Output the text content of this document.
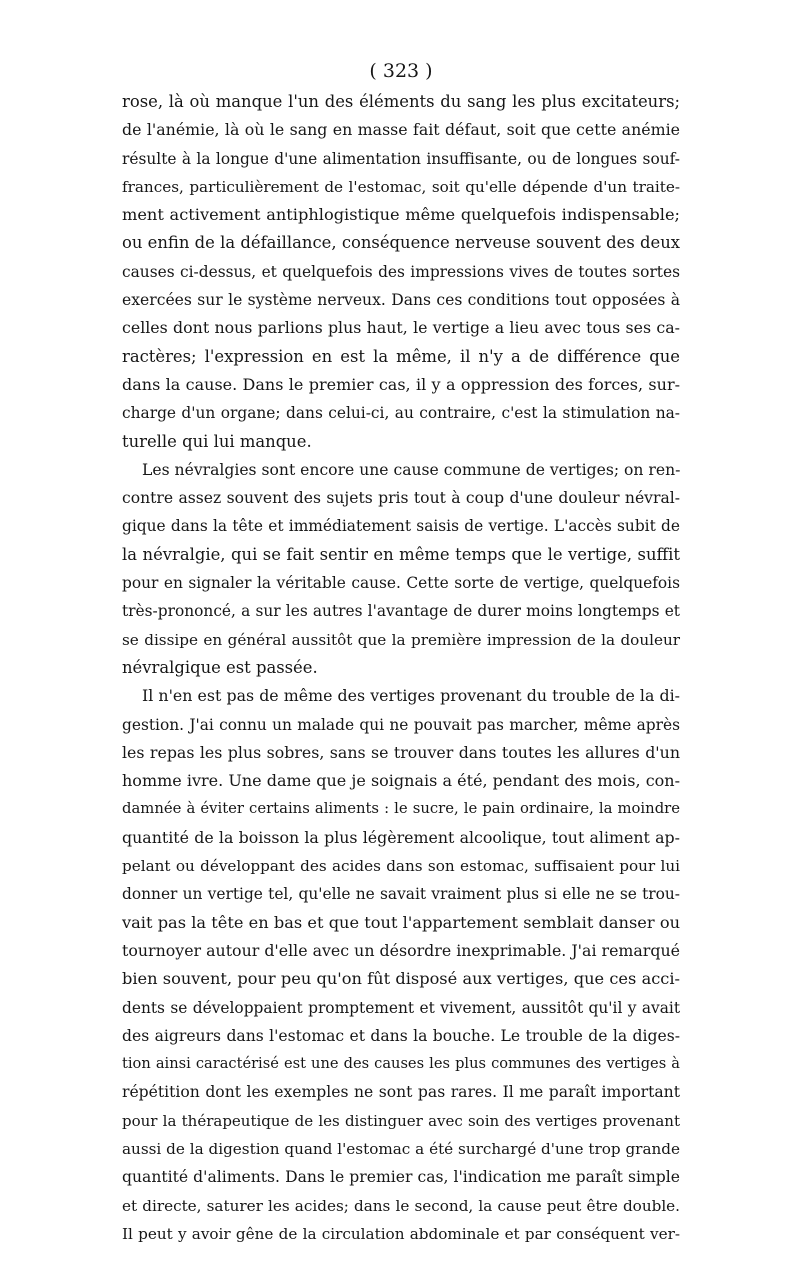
( 323 )
rose, là où manque l'un des éléments du sang les plus excitateurs;
de l'anémie, là où le sang en masse fait défaut, soit que cette anémie
résulte à la longue d'une alimentation insuffisante, ou de longues souf-
frances, particulièrement de l'estomac, soit qu'elle dépende d'un traite-
ment activement antiphlogistique même quelquefois indispensable;
ou enfin de la défaillance, conséquence nerveuse souvent des deux
causes ci-dessus, et quelquefois des impressions vives de toutes sortes
exercées sur le système nerveux. Dans ces conditions tout opposées à
celles dont nous parlions plus haut, le vertige a lieu avec tous ses ca-
ractères; l'expression en est la même, il n'y a de différence que
dans la cause. Dans le premier cas, il y a oppression des forces, sur-
charge d'un organe; dans celui-ci, au contraire, c'est la stimulation na-
turelle qui lui manque.
Les névralgies sont encore une cause commune de vertiges; on ren-
contre assez souvent des sujets pris tout à coup d'une douleur névral-
gique dans la tête et immédiatement saisis de vertige. L'accès subit de
la névralgie, qui se fait sentir en même temps que le vertige, suffit
pour en signaler la véritable cause. Cette sorte de vertige, quelquefois
très-prononcé, a sur les autres l'avantage de durer moins longtemps et
se dissipe en général aussitôt que la première impression de la douleur
névralgique est passée.
Il n'en est pas de même des vertiges provenant du trouble de la di-
gestion. J'ai connu un malade qui ne pouvait pas marcher, même après
les repas les plus sobres, sans se trouver dans toutes les allures d'un
homme ivre. Une dame que je soignais a été, pendant des mois, con-
damnée à éviter certains aliments : le sucre, le pain ordinaire, la moindre
quantité de la boisson la plus légèrement alcoolique, tout aliment ap-
pelant ou développant des acides dans son estomac, suffisaient pour lui
donner un vertige tel, qu'elle ne savait vraiment plus si elle ne se trou-
vait pas la tête en bas et que tout l'appartement semblait danser ou
tournoyer autour d'elle avec un désordre inexprimable. J'ai remarqué
bien souvent, pour peu qu'on fût disposé aux vertiges, que ces acci-
dents se développaient promptement et vivement, aussitôt qu'il y avait
des aigreurs dans l'estomac et dans la bouche. Le trouble de la diges-
tion ainsi caractérisé est une des causes les plus communes des vertiges à
répétition dont les exemples ne sont pas rares. Il me paraît important
pour la thérapeutique de les distinguer avec soin des vertiges provenant
aussi de la digestion quand l'estomac a été surchargé d'une trop grande
quantité d'aliments. Dans le premier cas, l'indication me paraît simple
et directe, saturer les acides; dans le second, la cause peut être double.
Il peut y avoir gêne de la circulation abdominale et par conséquent ver-
